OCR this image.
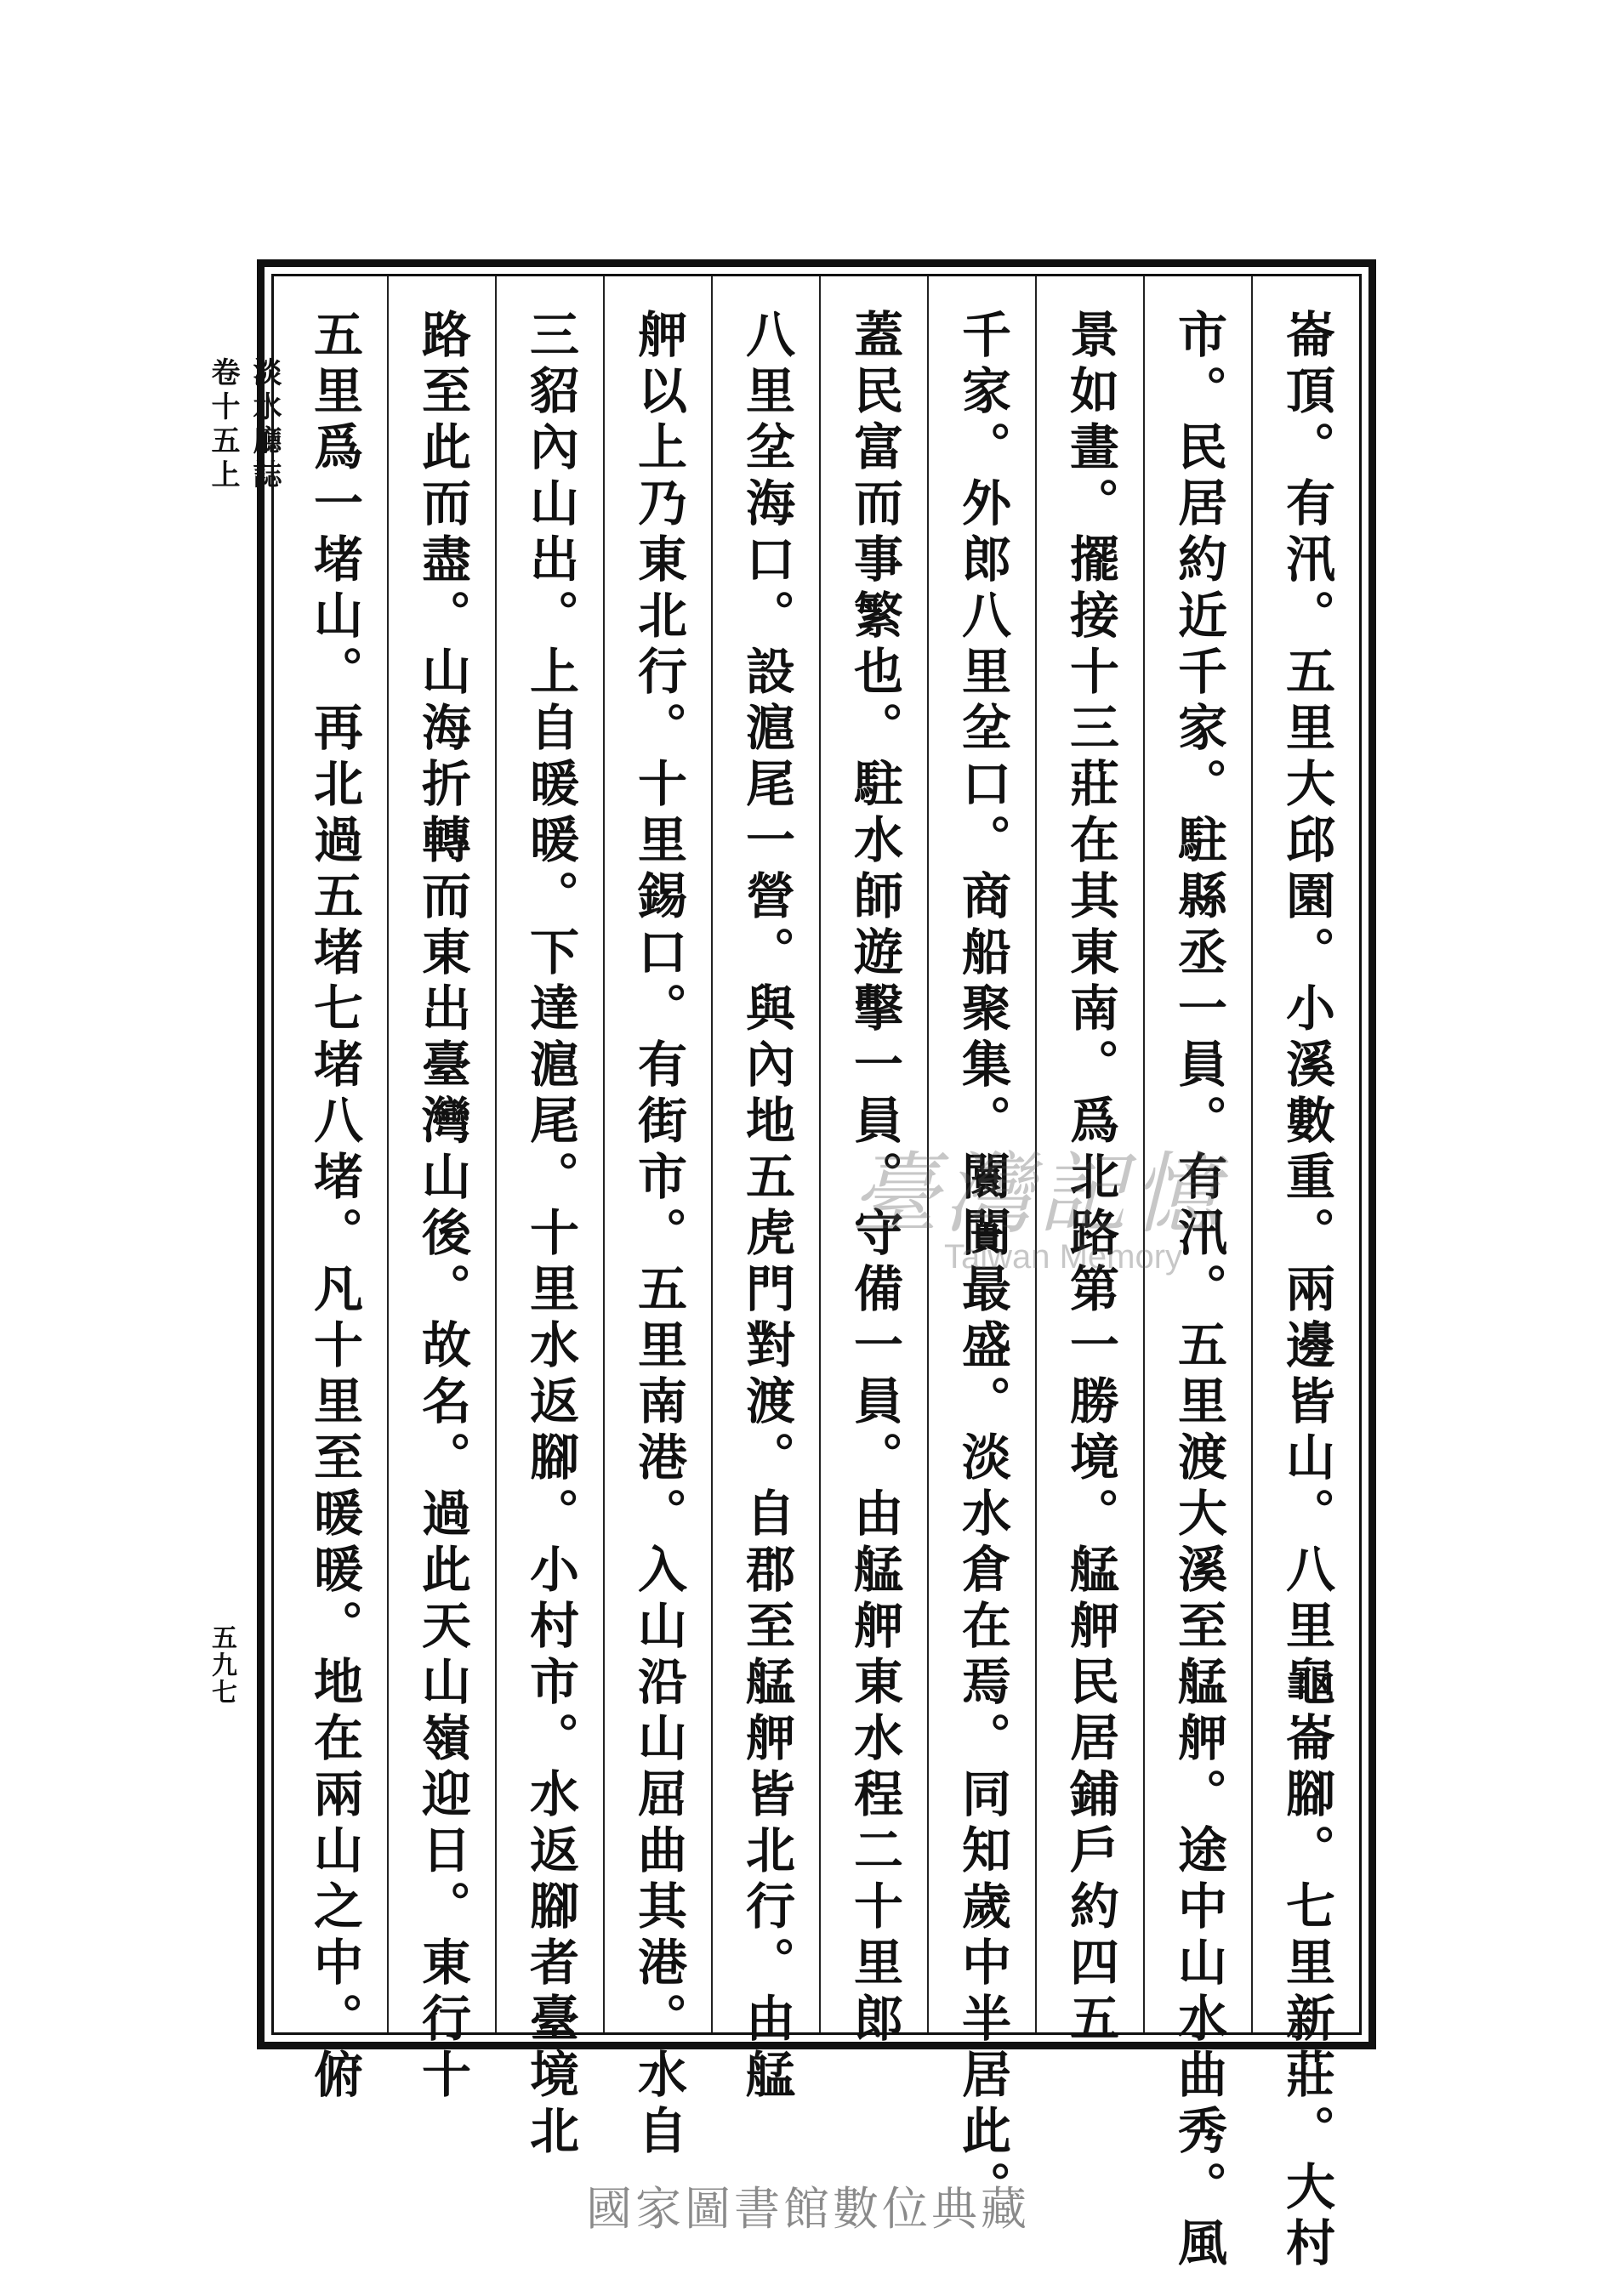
淡水廳誌
卷十五上
五九七	崙頂。有汛。五里大邱園。小溪數重。兩邊皆山。八里龜崙腳。七里新莊。大村
市。民居約近千家。駐縣丞一員。有汛。五里渡大溪至艋舺。途中山水曲秀。風
景如畫。擺接十三莊在其東南。爲北路第一勝境。艋舺民居鋪戶約四五
千家。外郎八里坌口。商船聚集。闤闠最盛。淡水倉在焉。同知歲中半居此。
蓋民富而事繁也。駐水師遊擊一員。守備一員。由艋舺東水程二十里郎
八里坌海口。設滬尾一營。與內地五虎門對渡。自郡至艋舺皆北行。由艋
舺以上乃東北行。十里錫口。有街市。五里南港。入山沿山屈曲其港。水自
三貂內山出。上自暖暖。下達滬尾。十里水返腳。小村市。水返腳者臺境北
路至此而盡。山海折轉而東出臺灣山後。故名。過此天山嶺迎日。東行十
五里爲一堵山。再北過五堵七堵八堵。凡十里至暖暖。地在兩山之中。俯	臺灣記憶
Taiwan Memory
國家圖書館數位典藏
